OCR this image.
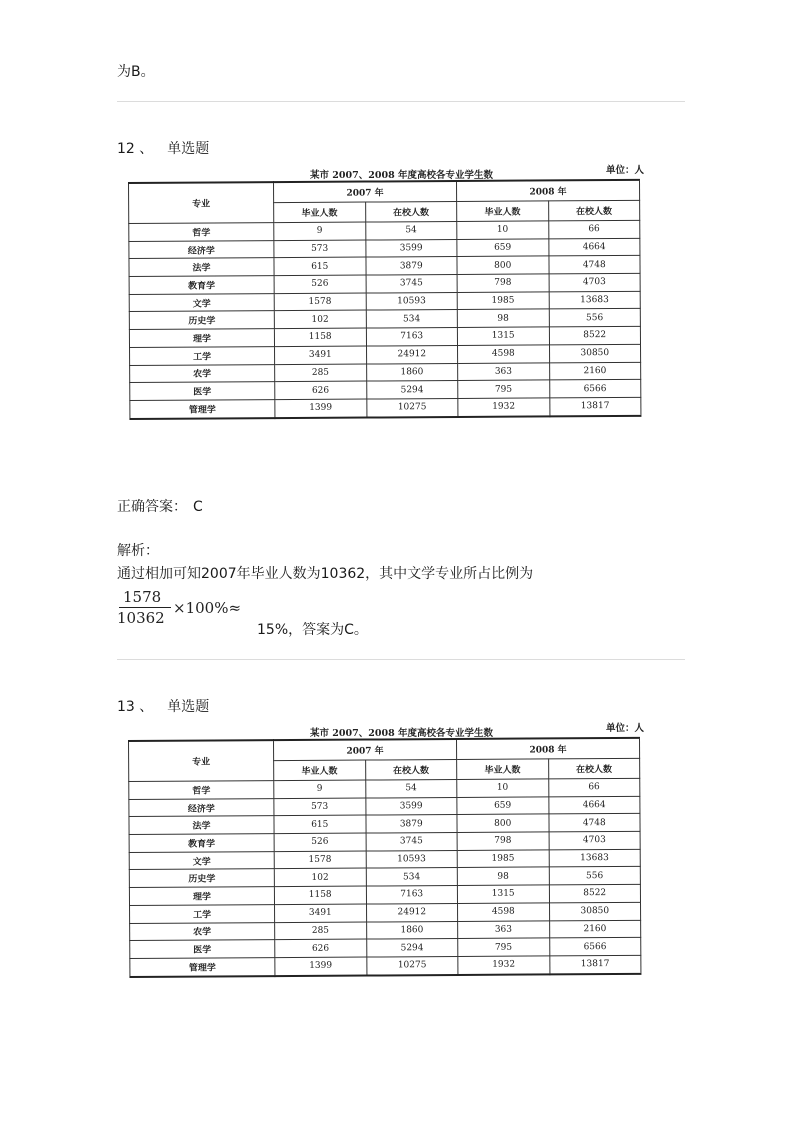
为B。
12 、 单选题
某市 2007、2008 年度高校各专业学生数	单位：人
专业	2007 年		2008 年	
	毕业人数	在校人数	毕业人数	在校人数
哲学	9	54	10	66
经济学	573	3599	659	4664
法学	615	3879	800	4748
教育学	526	3745	798	4703
文学	1578	10593	1985	13683
历史学	102	534	98	556
理学	1158	7163	1315	8522
工学	3491	24912	4598	30850
农学	285	1860	363	2160
医学	626	5294	795	6566
管理学	1399	10275	1932	13817
正确答案： C
解析：
通过相加可知2007年毕业人数为10362，其中文学专业所占比例为
1578
10362
×100%≈
15%，答案为C。
13 、 单选题
某市 2007、2008 年度高校各专业学生数	单位：人
专业	2007 年		2008 年	
	毕业人数	在校人数	毕业人数	在校人数
哲学	9	54	10	66
经济学	573	3599	659	4664
法学	615	3879	800	4748
教育学	526	3745	798	4703
文学	1578	10593	1985	13683
历史学	102	534	98	556
理学	1158	7163	1315	8522
工学	3491	24912	4598	30850
农学	285	1860	363	2160
医学	626	5294	795	6566
管理学	1399	10275	1932	13817
